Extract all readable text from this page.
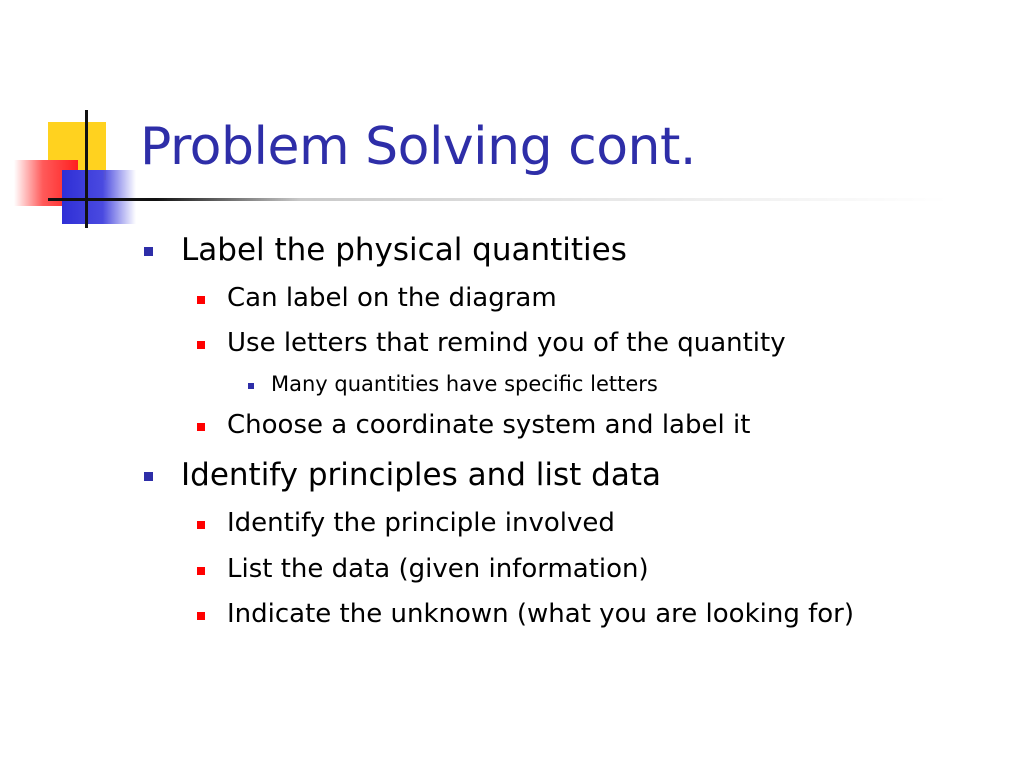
Problem Solving cont.
Label the physical quantities
Can label on the diagram
Use letters that remind you of the quantity
Many quantities have specific letters
Choose a coordinate system and label it
Identify principles and list data
Identify the principle involved
List the data (given information)
Indicate the unknown (what you are looking for)
